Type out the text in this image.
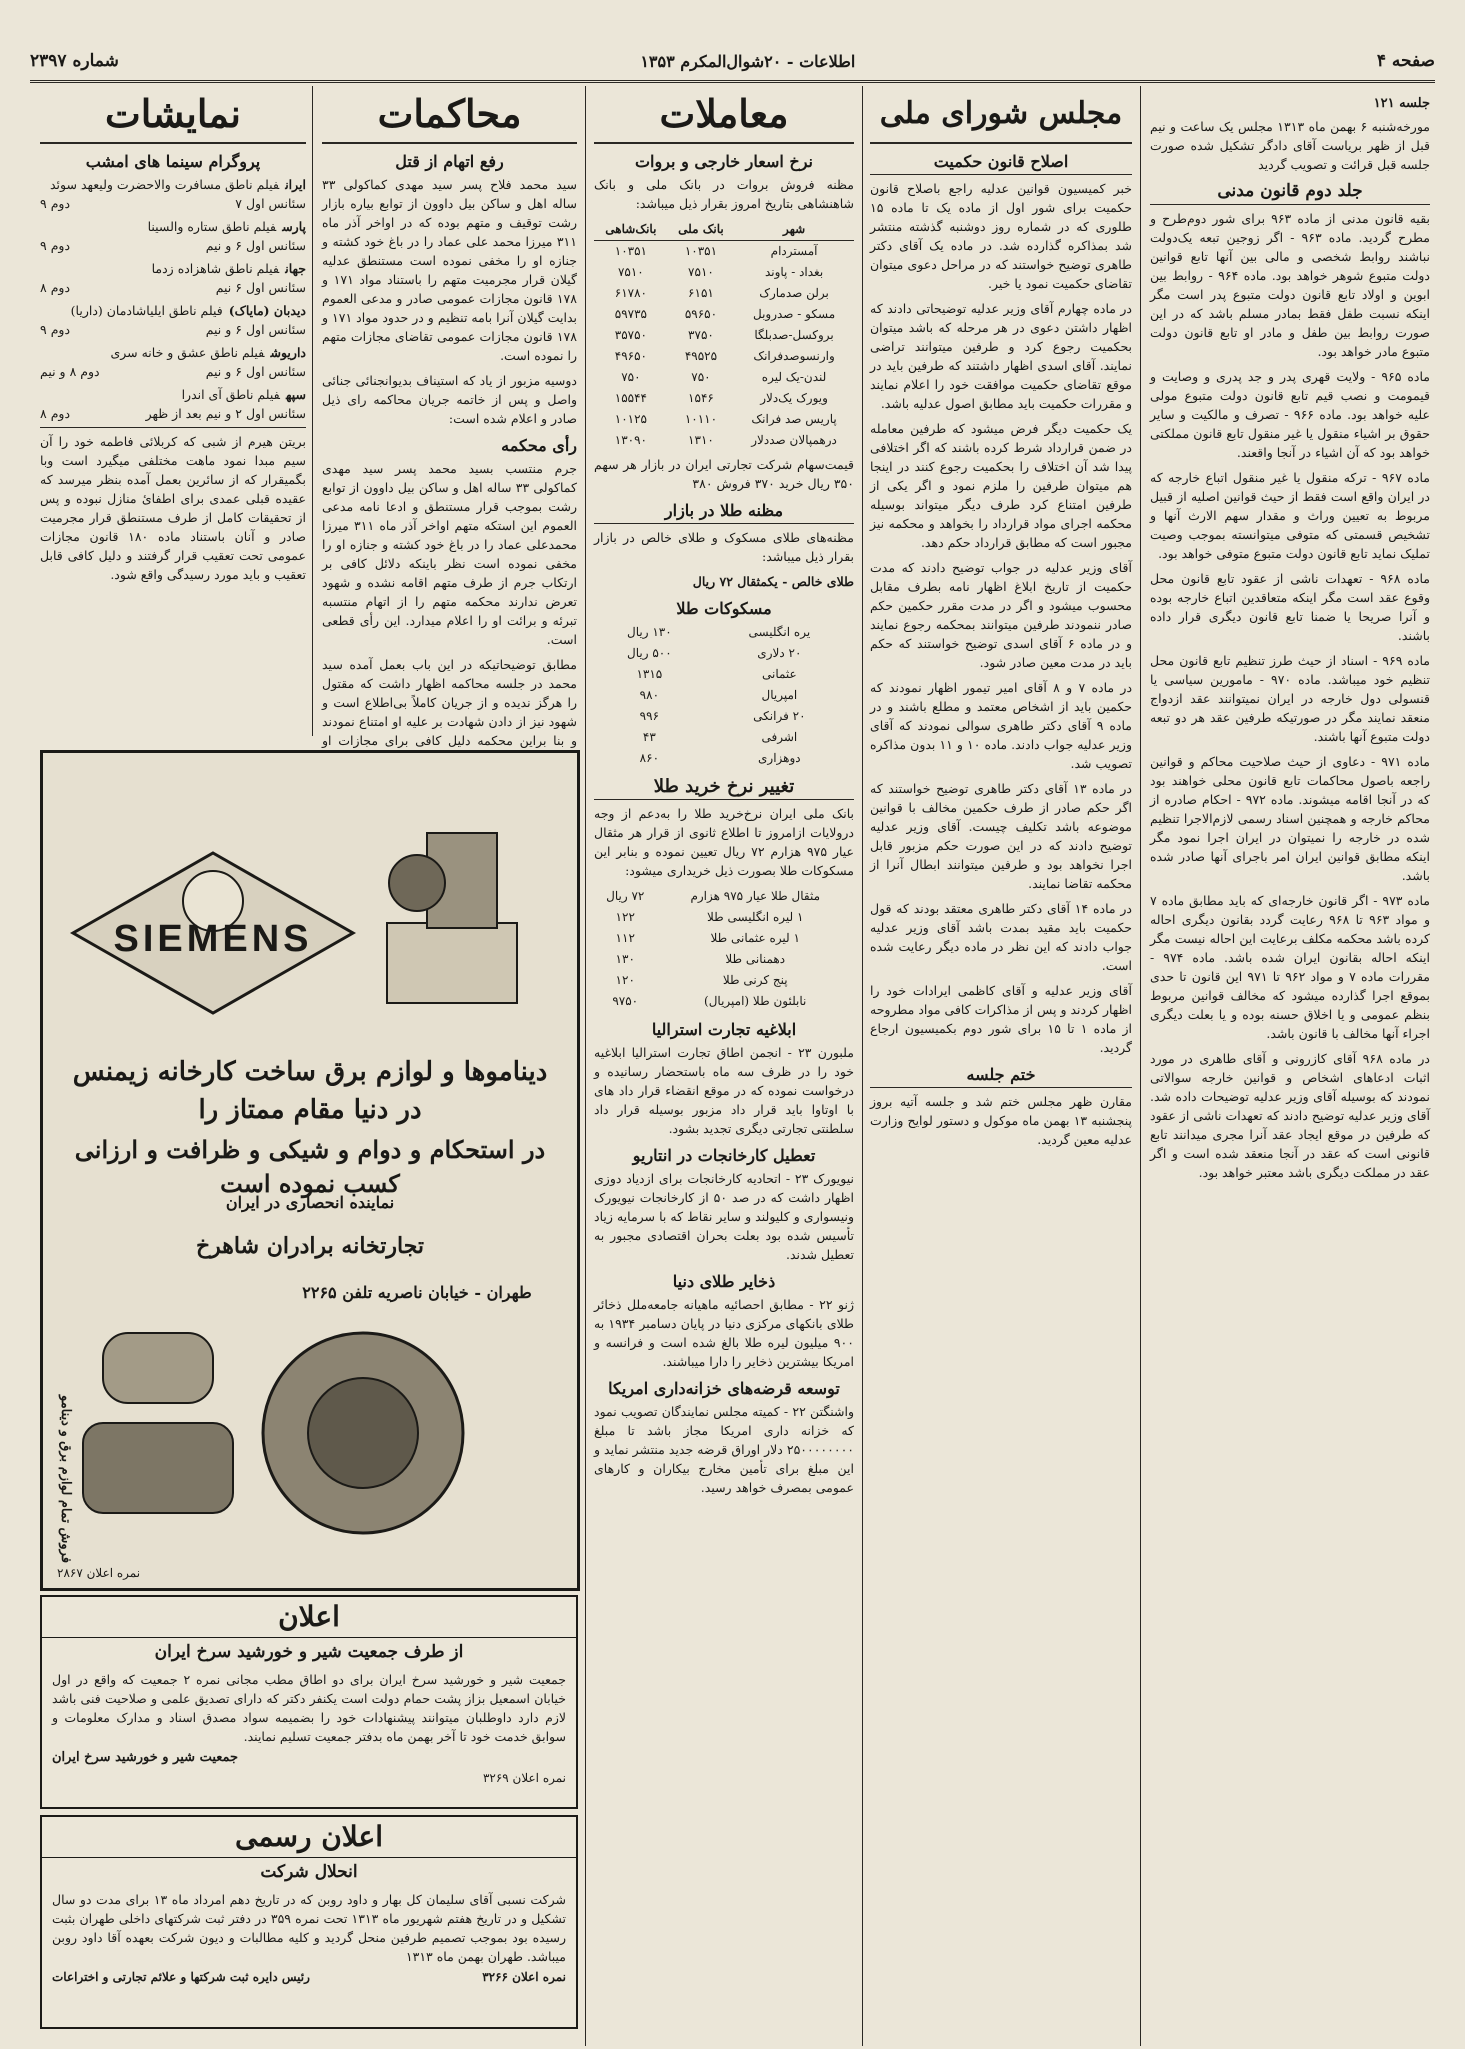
صفحه ۴
اطلاعات - ۲۰شوال‌المکرم ۱۳۵۳
شماره ۲۳۹۷
جلسه ۱۲۱

مورخه‌شنبه ۶ بهمن ماه ۱۳۱۳ مجلس یک ساعت و نیم قبل از ظهر بریاست آقای دادگر تشکیل شده صورت جلسه قبل قرائت و تصویب گردید

جلد دوم قانون مدنی

بقیه قانون مدنی از ماده ۹۶۳ برای شور دوم‌طرح و مطرح گردید. ماده ۹۶۳ - اگر زوجین تبعه یک‌دولت نباشند روابط شخصی و مالی بین آنها تابع قوانین دولت متبوع شوهر خواهد بود. ماده ۹۶۴ - روابط بین ابوین و اولاد تابع قانون دولت متبوع پدر است مگر اینکه نسبت طفل فقط بمادر مسلم باشد که در این صورت روابط بین طفل و مادر او تابع قانون دولت متبوع مادر خواهد بود.

ماده ۹۶۵ - ولایت قهری پدر و جد پدری و وصایت و قیمومت و نصب قیم تابع قانون دولت متبوع مولی علیه خواهد بود. ماده ۹۶۶ - تصرف و مالکیت و سایر حقوق بر اشیاء منقول یا غیر منقول تابع قانون مملکتی خواهد بود که آن اشیاء در آنجا واقعند.

ماده ۹۶۷ - ترکه منقول یا غیر منقول اتباع خارجه که در ایران واقع است فقط از حیث قوانین اصلیه از قبیل مربوط به تعیین وراث و مقدار سهم الارث آنها و تشخیص قسمتی که متوفی میتوانسته بموجب وصیت تملیک نماید تابع قانون دولت متبوع متوفی خواهد بود.

ماده ۹۶۸ - تعهدات ناشی از عقود تابع قانون محل وقوع عقد است مگر اینکه متعاقدین اتباع خارجه بوده و آنرا صریحا یا ضمنا تابع قانون دیگری قرار داده باشند.

ماده ۹۶۹ - اسناد از حیث طرز تنظیم تابع قانون محل تنظیم خود میباشد. ماده ۹۷۰ - مامورین سیاسی یا قنسولی دول خارجه در ایران نمیتوانند عقد ازدواج منعقد نمایند مگر در صورتیکه طرفین عقد هر دو تبعه دولت متبوع آنها باشند.

ماده ۹۷۱ - دعاوی از حیث صلاحیت محاکم و قوانین راجعه باصول محاکمات تابع قانون محلی خواهند بود که در آنجا اقامه میشوند. ماده ۹۷۲ - احکام صادره از محاکم خارجه و همچنین اسناد رسمی لازم‌الاجرا تنظیم شده در خارجه را نمیتوان در ایران اجرا نمود مگر اینکه مطابق قوانین ایران امر باجرای آنها صادر شده باشد.

ماده ۹۷۳ - اگر قانون خارجه‌ای که باید مطابق ماده ۷ و مواد ۹۶۳ تا ۹۶۸ رعایت گردد بقانون دیگری احاله کرده باشد محکمه مکلف برعایت این احاله نیست مگر اینکه احاله بقانون ایران شده باشد. ماده ۹۷۴ - مقررات ماده ۷ و مواد ۹۶۲ تا ۹۷۱ این قانون تا حدی بموقع اجرا گذارده میشود که مخالف قوانین مربوط بنظم عمومی و یا اخلاق حسنه بوده و یا بعلت دیگری اجراء آنها مخالف با قانون باشد.

در ماده ۹۶۸ آقای کازرونی و آقای طاهری در مورد اثبات ادعاهای اشخاص و قوانین خارجه سوالاتی نمودند که بوسیله آقای وزیر عدلیه توضیحات داده شد. آقای وزیر عدلیه توضیح دادند که تعهدات ناشی از عقود که طرفین در موقع ایجاد عقد آنرا مجری میدانند تابع قانونی است که عقد در آنجا منعقد شده است و اگر عقد در مملکت دیگری باشد معتبر خواهد بود.

مجلس شورای ملی
اصلاح قانون حکمیت

خبر کمیسیون قوانین عدلیه راجع باصلاح قانون حکمیت برای شور اول از ماده یک تا ماده ۱۵ طلوری که در شماره روز دوشنبه گذشته منتشر شد بمذاکره گذارده شد. در ماده یک آقای دکتر طاهری توضیح خواستند که در مراحل دعوی میتوان تقاضای حکمیت نمود یا خیر.

در ماده چهارم آقای وزیر عدلیه توضیحاتی دادند که اظهار داشتن دعوی در هر مرحله که باشد میتوان بحکمیت رجوع کرد و طرفین میتوانند تراضی نمایند. آقای اسدی اظهار داشتند که طرفین باید در موقع تقاضای حکمیت موافقت خود را اعلام نمایند و مقررات حکمیت باید مطابق اصول عدلیه باشد.

یک حکمیت دیگر فرض میشود که طرفین معامله در ضمن قرارداد شرط کرده باشند که اگر اختلافی پیدا شد آن اختلاف را بحکمیت رجوع کنند در اینجا هم میتوان طرفین را ملزم نمود و اگر یکی از طرفین امتناع کرد طرف دیگر میتواند بوسیله محکمه اجرای مواد قرارداد را بخواهد و محکمه نیز مجبور است که مطابق قرارداد حکم دهد.

آقای وزیر عدلیه در جواب توضیح دادند که مدت حکمیت از تاریخ ابلاغ اظهار نامه بطرف مقابل محسوب میشود و اگر در مدت مقرر حکمین حکم صادر ننمودند طرفین میتوانند بمحکمه رجوع نمایند و در ماده ۶ آقای اسدی توضیح خواستند که حکم باید در مدت معین صادر شود.

در ماده ۷ و ۸ آقای امیر تیمور اظهار نمودند که حکمین باید از اشخاص معتمد و مطلع باشند و در ماده ۹ آقای دکتر طاهری سوالی نمودند که آقای وزیر عدلیه جواب دادند. ماده ۱۰ و ۱۱ بدون مذاکره تصویب شد.

در ماده ۱۳ آقای دکتر طاهری توضیح خواستند که اگر حکم صادر از طرف حکمین مخالف با قوانین موضوعه باشد تکلیف چیست. آقای وزیر عدلیه توضیح دادند که در این صورت حکم مزبور قابل اجرا نخواهد بود و طرفین میتوانند ابطال آنرا از محکمه تقاضا نمایند.

در ماده ۱۴ آقای دکتر طاهری معتقد بودند که قول حکمیت باید مقید بمدت باشد آقای وزیر عدلیه جواب دادند که این نظر در ماده دیگر رعایت شده است.

آقای وزیر عدلیه و آقای کاظمی ایرادات خود را اظهار کردند و پس از مذاکرات کافی مواد مطروحه از ماده ۱ تا ۱۵ برای شور دوم بکمیسیون ارجاع گردید.

ختم جلسه

مقارن ظهر مجلس ختم شد و جلسه آتیه بروز پنجشنبه ۱۳ بهمن ماه موکول و دستور لوایح وزارت عدلیه معین گردید.

معاملات
نرخ اسعار خارجی و بروات

مظنه فروش بروات در بانک ملی و بانک شاهنشاهی بتاریخ امروز بقرار ذیل میباشد:

شهر	بانک ملی	بانک‌شاهی
آمستردام	۱۰۳۵۱	۱۰۳۵۱
بغداد - پاوند	۷۵۱۰	۷۵۱۰
برلن صدمارک	۶۱۵۱	۶۱۷۸۰
مسکو - صدروبل	۵۹۶۵۰	۵۹۷۳۵
بروکسل-صدبلگا	۳۷۵۰	۳۵۷۵۰
وارنسوصدفرانک	۴۹۵۲۵	۴۹۶۵۰
لندن-یک لیره	۷۵۰	۷۵۰
ویورک یک‌دلار	۱۵۴۶	۱۵۵۴۴
پاریس صد فرانک	۱۰۱۱۰	۱۰۱۲۵
درهمپالان صددلار	۱۳۱۰	۱۳۰۹۰

قیمت‌سهام شرکت تجارتی ایران در بازار هر سهم ۳۵۰ ریال خرید ۳۷۰ فروش ۳۸۰

مظنه طلا در بازار

مظنه‌های طلای مسکوک و طلای خالص در بازار بقرار ذیل میباشد:

طلای خالص - یکمثقال ۷۲ ریال

مسکوکات طلا
یره انگلیسی	۱۳۰ ریال
۲۰ دلاری	۵۰۰ ریال
عثمانی	۱۳۱۵
امپریال	۹۸۰
۲۰ فرانکی	۹۹۶
اشرفی	۴۳
دوهزاری	۸۶۰
تغییر نرخ خرید طلا

بانک ملی ایران نرخ‌خرید طلا را به‌دعم از وجه درولایات ازامروز تا اطلاع ثانوی از قرار هر مثقال عیار ۹۷۵ هزارم ۷۲ ریال تعیین نموده و بنابر این مسکوکات طلا بصورت ذیل خریداری میشود:

مثقال طلا عیار ۹۷۵ هزارم	۷۲ ریال
۱ لیره انگلیسی طلا	۱۲۲
۱ لیره عثمانی طلا	۱۱۲
دهمنانی طلا	۱۳۰
پنج کرنی طلا	۱۲۰
نابلئون طلا (امپریال)	۹۷۵۰
ابلاغیه تجارت استرالیا

ملبورن ۲۳ - انجمن اطاق تجارت استرالیا ابلاغیه خود را در ظرف سه ماه باستحضار رسانیده و درخواست نموده که در موقع انقضاء قرار داد های با اوتاوا باید قرار داد مزبور بوسیله قرار داد سلطنتی تجارتی دیگری تجدید بشود.

تعطیل کارخانجات در انتاریو

نیویورک ۲۳ - اتحادیه کارخانجات برای ازدیاد دوزی اظهار داشت که در صد ۵۰ از کارخانجات نیویورک ونیسواری و کلیولند و سایر نقاط که با سرمایه زیاد تأسیس شده بود بعلت بحران اقتصادی مجبور به تعطیل شدند.

ذخایر طلای دنیا

ژنو ۲۲ - مطابق احصائیه ماهیانه جامعه‌ملل ذخائر طلای بانکهای مرکزی دنیا در پایان دسامبر ۱۹۳۴ به ۹۰۰ میلیون لیره طلا بالغ شده است و فرانسه و امریکا بیشترین ذخایر را دارا میباشند.

توسعه قرضه‌های خزانه‌داری امریکا

واشنگتن ۲۲ - کمیته مجلس نمایندگان تصویب نمود که خزانه داری امریکا مجاز باشد تا مبلغ ۲۵۰۰۰۰۰۰۰۰ دلار اوراق قرضه جدید منتشر نماید و این مبلغ برای تأمین مخارج بیکاران و کارهای عمومی بمصرف خواهد رسید.

محاکمات
رفع اتهام از قتل

سید محمد فلاح پسر سید مهدی کماکولی ۳۳ ساله اهل و ساکن بیل داوون از توابع بیاره بازار رشت توقیف و متهم بوده که در اواخر آذر ماه ۳۱۱ میرزا محمد علی عماد را در باغ خود کشته و جنازه او را مخفی نموده است مستنطق عدلیه گیلان قرار مجرمیت متهم را باستناد مواد ۱۷۱ و ۱۷۸ قانون مجازات عمومی صادر و مدعی العموم بدایت گیلان آنرا بامه تنظیم و در حدود مواد ۱۷۱ و ۱۷۸ قانون مجازات عمومی تقاضای مجازات متهم را نموده است.

دوسیه مزبور از یاد که استیناف بدیوانجنائی جنائی واصل و پس از خاتمه جریان محاکمه رای ذیل صادر و اعلام شده است:

رأی محکمه

جرم منتسب بسید محمد پسر سید مهدی کماکولی ۳۳ ساله اهل و ساکن بیل داوون از توابع رشت بموجب قرار مستنطق و ادعا نامه مدعی العموم این استکه متهم اواخر آذر ماه ۳۱۱ میرزا محمدعلی عماد را در باغ خود کشته و جنازه او را مخفی نموده است نظر باینکه دلائل کافی بر ارتکاب جرم از طرف متهم اقامه نشده و شهود تعرض ندارند محکمه متهم را از اتهام منتسبه تبرئه و برائت او را اعلام میدارد. این رأی قطعی است.

مطابق توضیحاتیکه در این باب بعمل آمده سید محمد در جلسه محاکمه اظهار داشت که مقتول را هرگز ندیده و از جریان کاملاً بی‌اطلاع است و شهود نیز از دادن شهادت بر علیه او امتناع نمودند و بنا براین محکمه دلیل کافی برای مجازات او

نمایشات
پروگرام سینما های امشب
ایرانفیلم ناطق مسافرت والاحضرت ولیعهد سوئد
سئانس اول ۷
دوم ۹
پارسفیلم ناطق ستاره والسینا
سئانس اول ۶ و نیم
دوم ۹
جهانفیلم ناطق شاهزاده زدما
سئانس اول ۶ نیم
دوم ۸
دیدبان (مایاک)فیلم ناطق ایلیاشادمان (داریا)
سئانس اول ۶ و نیم
دوم ۹
داریوشفیلم ناطق عشق و خانه سری
سئانس اول ۶ و نیم
دوم ۸ و نیم
سپهفیلم ناطق آی اندرا
سئانس اول ۲ و نیم بعد از ظهر
دوم ۸

بریتن هیرم از شبی که کربلائی فاطمه خود را آن سیم مبدا نمود ماهت مختلفی میگیرد است وبا بگمیقرار که از سائرین بعمل آمده بنظر میرسد که عقیده قبلی عمدی برای اطفائ منازل نبوده و پس از تحقیقات کامل از طرف مستنطق قرار مجرمیت صادر و آنان باستناد ماده ۱۸۰ قانون مجازات عمومی تحت تعقیب قرار گرفتند و دلیل کافی قابل تعقیب و باید مورد رسیدگی واقع شود.

SIEMENS
دینامو‌ها و لوازم برق ساخت کارخانه زیمنس در دنیا مقام ممتاز را
در استحکام و دوام و شیکی و ظرافت و ارزانی کسب نموده است
نماینده انحصاری در ایران
تجارتخانه برادران شاهرخ
طهران - خیابان ناصریه تلفن ۲۲۶۵
فروش تمام لوازم برق و دینامو
نمره اعلان ۲۸۶۷
اعلان
از طرف جمعیت شیر و خورشید سرخ ایران
جمعیت شیر و خورشید سرخ ایران برای دو اطاق مطب مجانی نمره ۲ جمعیت که واقع در اول خیابان اسمعیل بزاز پشت حمام دولت است یکنفر دکتر که دارای تصدیق علمی و صلاحیت فنی باشد لازم دارد داوطلبان میتوانند پیشنهادات خود را بضمیمه سواد مصدق اسناد و مدارک معلومات و سوابق خدمت خود تا آخر بهمن ماه بدفتر جمعیت تسلیم نمایند.
جمعیت شیر و خورشید سرخ ایران
نمره اعلان ۳۲۶۹
اعلان رسمی
انحلال شرکت
شرکت نسبی آقای سلیمان کل بهار و داود روبن که در تاریخ دهم امرداد ماه ۱۳ برای مدت دو سال تشکیل و در تاریخ هفتم شهریور ماه ۱۳۱۳ تحت نمره ۳۵۹ در دفتر ثبت شرکتهای داخلی طهران بثبت رسیده بود بموجب تصمیم طرفین منحل گردید و کلیه مطالبات و دیون شرکت بعهده آقا داود روبن میباشد. طهران بهمن ماه ۱۳۱۳
نمره اعلان ۳۲۶۶
رئیس دایره ثبت شرکتها و علائم تجارتی و اختراعات
